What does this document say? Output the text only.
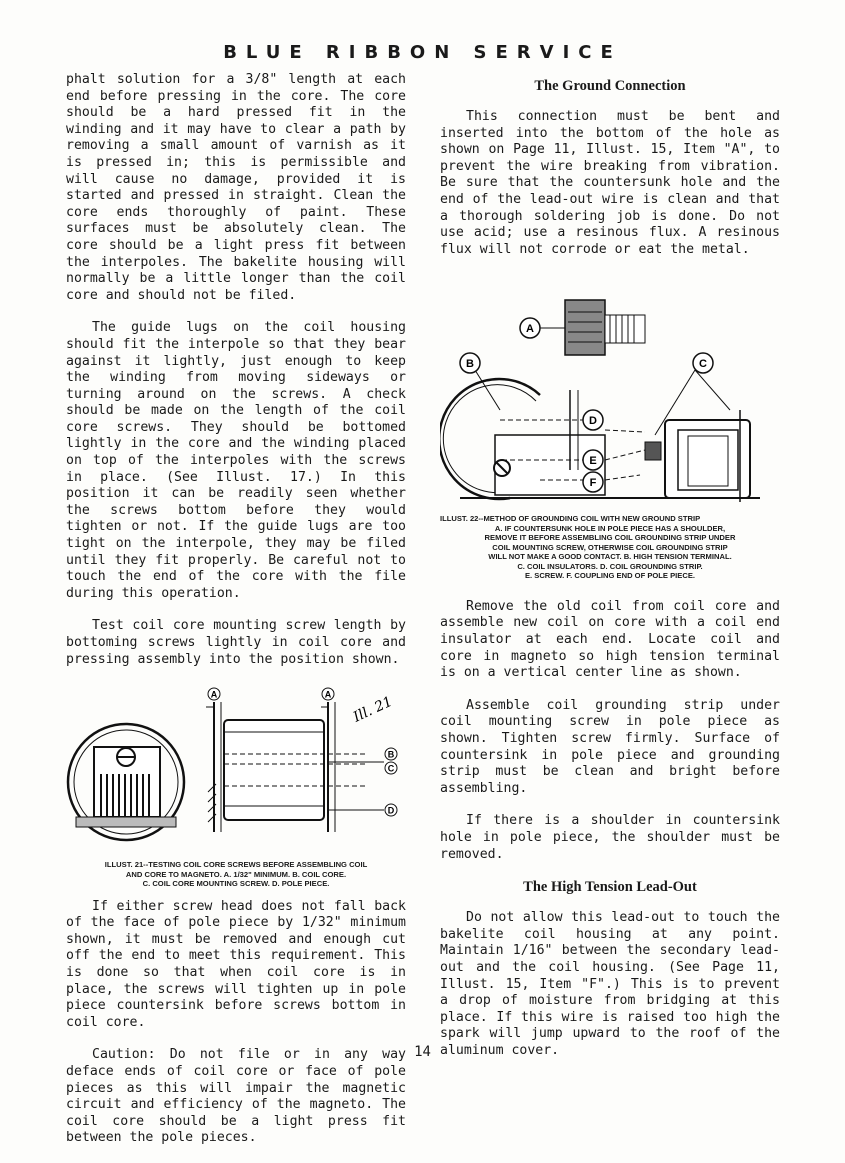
BLUE RIBBON SERVICE

phalt solution for a 3/8" length at each end before pressing in the core. The core should be a hard pressed fit in the winding and it may have to clear a path by removing a small amount of varnish as it is pressed in; this is permissible and will cause no damage, provided it is started and pressed in straight. Clean the core ends thoroughly of paint. These surfaces must be absolutely clean. The core should be a light press fit between the interpoles. The bakelite housing will normally be a little longer than the coil core and should not be filed.

The guide lugs on the coil housing should fit the interpole so that they bear against it lightly, just enough to keep the winding from moving sideways or turning around on the screws. A check should be made on the length of the coil core screws. They should be bottomed lightly in the core and the winding placed on top of the interpoles with the screws in place. (See Illust. 17.) In this position it can be readily seen whether the screws bottom before they would tighten or not. If the guide lugs are too tight on the interpole, they may be filed until they fit properly. Be careful not to touch the end of the core with the file during this operation.

Test coil core mounting screw length by bottoming screws lightly in coil core and pressing assembly into the position shown.

A	A
B
C
D
Ill. 21
ILLUST. 21--TESTING COIL CORE SCREWS BEFORE ASSEMBLING COIL
AND CORE TO MAGNETO. A. 1/32" MINIMUM. B. COIL CORE.
C. COIL CORE MOUNTING SCREW. D. POLE PIECE.

If either screw head does not fall back of the face of pole piece by 1/32" minimum shown, it must be removed and enough cut off the end to meet this requirement. This is done so that when coil core is in place, the screws will tighten up in pole piece countersink before screws bottom in coil core.

Caution: Do not file or in any way deface ends of coil core or face of pole pieces as this will impair the magnetic circuit and efficiency of the magneto. The coil core should be a light press fit between the pole pieces.

The Ground Connection

This connection must be bent and inserted into the bottom of the hole as shown on Page 11, Illust. 15, Item "A", to prevent the wire breaking from vibration. Be sure that the countersunk hole and the end of the lead-out wire is clean and that a thorough soldering job is done. Do not use acid; use a resinous flux. A resinous flux will not corrode or eat the metal.

A
B	C
D
E
F
ILLUST. 22--METHOD OF GROUNDING COIL WITH NEW GROUND STRIP
A. IF COUNTERSUNK HOLE IN POLE PIECE HAS A SHOULDER,
REMOVE IT BEFORE ASSEMBLING COIL GROUNDING STRIP UNDER
COIL MOUNTING SCREW, OTHERWISE COIL GROUNDING STRIP
WILL NOT MAKE A GOOD CONTACT. B. HIGH TENSION TERMINAL.
C. COIL INSULATORS. D. COIL GROUNDING STRIP.
E. SCREW. F. COUPLING END OF POLE PIECE.

Remove the old coil from coil core and assemble new coil on core with a coil end insulator at each end. Locate coil and core in magneto so high tension terminal is on a vertical center line as shown.

Assemble coil grounding strip under coil mounting screw in pole piece as shown. Tighten screw firmly. Surface of countersink in pole piece and grounding strip must be clean and bright before assembling.

If there is a shoulder in countersink hole in pole piece, the shoulder must be removed.

The High Tension Lead-Out

Do not allow this lead-out to touch the bakelite coil housing at any point. Maintain 1/16" between the secondary lead-out and the coil housing. (See Page 11, Illust. 15, Item "F".) This is to prevent a drop of moisture from bridging at this place. If this wire is raised too high the spark will jump upward to the roof of the aluminum cover.

14
